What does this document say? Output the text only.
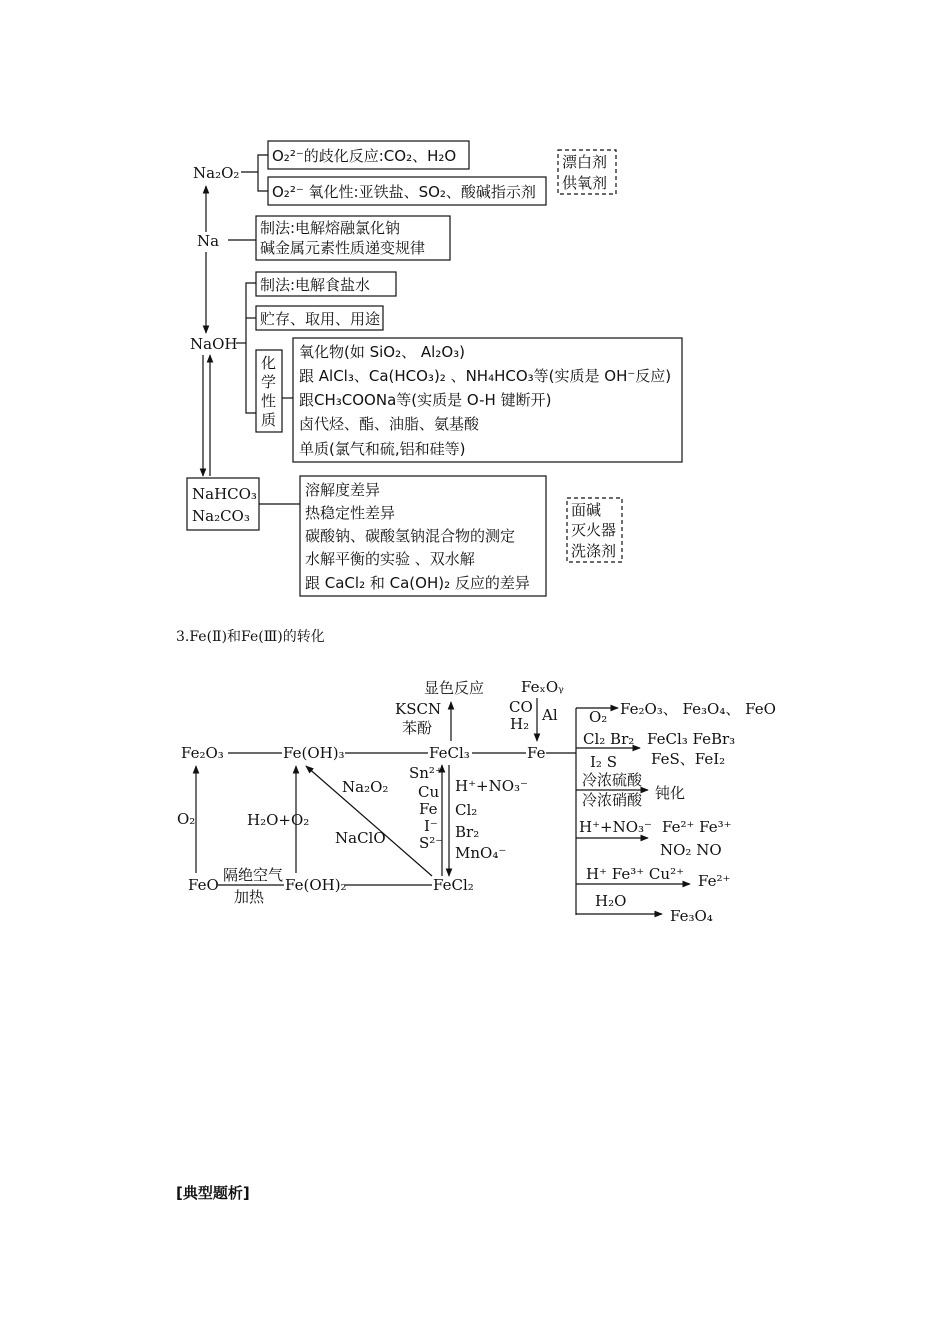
Na₂O₂
Na
NaOH
O₂²⁻的歧化反应:CO₂、H₂O
O₂²⁻ 氧化性:亚铁盐、SO₂、酸碱指示剂
漂白剂
供氧剂
制法:电解熔融氯化钠
碱金属元素性质递变规律
制法:电解食盐水
贮存、取用、用途
化
学
性
质
氧化物(如 SiO₂、 Al₂O₃)
跟 AlCl₃、Ca(HCO₃)₂ 、NH₄HCO₃等(实质是 OH⁻反应)
跟CH₃COONa等(实质是 O-H 键断开)
卤代烃、酯、油脂、氨基酸
单质(氯气和硫,铝和硅等)
NaHCO₃
Na₂CO₃
溶解度差异
热稳定性差异
碳酸钠、碳酸氢钠混合物的测定
水解平衡的实验 、双水解
跟 CaCl₂ 和 Ca(OH)₂ 反应的差异
面碱
灭火器
洗涤剂
Fe₂O₃	Fe(OH)₃	FeCl₃	Fe
FeO
隔绝空气
加热
Fe(OH)₂	FeCl₂
O₂	H₂O+O₂
Na₂O₂
NaClO
显色反应
KSCN
苯酚
FeₓOᵧ
CO
H₂ Al
Sn²⁺
Cu
Fe
I⁻
S²⁻
H⁺+NO₃⁻
Cl₂
Br₂
MnO₄⁻
O₂ Fe₂O₃、 Fe₃O₄、 FeO
Cl₂ Br₂ FeCl₃ FeBr₃
I₂ S FeS、FeI₂
冷浓硫酸
冷浓硝酸 钝化
H⁺+NO₃⁻ Fe²⁺ Fe³⁺
NO₂ NO
H⁺ Fe³⁺ Cu²⁺ Fe²⁺
H₂O
Fe₃O₄
3.Fe(Ⅱ)和Fe(Ⅲ)的转化
[典型题析]
